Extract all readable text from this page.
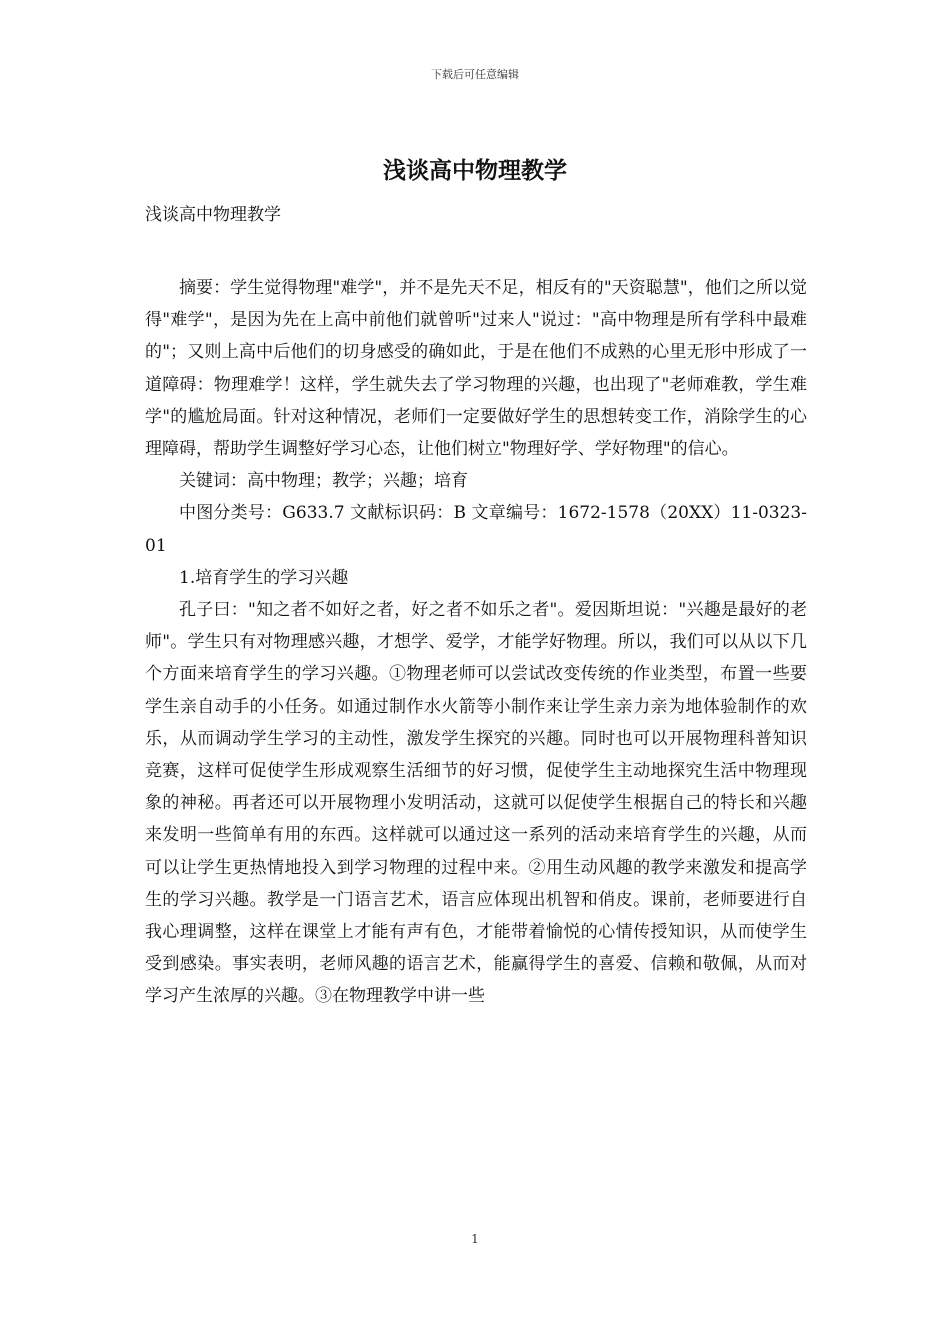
下载后可任意编辑
浅谈高中物理教学

浅谈高中物理教学

摘要：学生觉得物理"难学"，并不是先天不足，相反有的"天资聪慧"，他们之所以觉得"难学"，是因为先在上高中前他们就曾听"过来人"说过："高中物理是所有学科中最难的"；又则上高中后他们的切身感受的确如此，于是在他们不成熟的心里无形中形成了一道障碍：物理难学！这样，学生就失去了学习物理的兴趣，也出现了"老师难教，学生难学"的尴尬局面。针对这种情况，老师们一定要做好学生的思想转变工作，消除学生的心理障碍，帮助学生调整好学习心态，让他们树立"物理好学、学好物理"的信心。

关键词：高中物理；教学；兴趣；培育

中图分类号：G633.7 文献标识码：B 文章编号：1672-1578（20XX）11-0323-01

1.培育学生的学习兴趣

孔子曰："知之者不如好之者，好之者不如乐之者"。爱因斯坦说："兴趣是最好的老师"。学生只有对物理感兴趣，才想学、爱学，才能学好物理。所以，我们可以从以下几个方面来培育学生的学习兴趣。①物理老师可以尝试改变传统的作业类型，布置一些要学生亲自动手的小任务。如通过制作水火箭等小制作来让学生亲力亲为地体验制作的欢乐，从而调动学生学习的主动性，激发学生探究的兴趣。同时也可以开展物理科普知识竞赛，这样可促使学生形成观察生活细节的好习惯，促使学生主动地探究生活中物理现象的神秘。再者还可以开展物理小发明活动，这就可以促使学生根据自己的特长和兴趣来发明一些简单有用的东西。这样就可以通过这一系列的活动来培育学生的兴趣，从而可以让学生更热情地投入到学习物理的过程中来。②用生动风趣的教学来激发和提高学生的学习兴趣。教学是一门语言艺术，语言应体现出机智和俏皮。课前，老师要进行自我心理调整，这样在课堂上才能有声有色，才能带着愉悦的心情传授知识，从而使学生受到感染。事实表明，老师风趣的语言艺术，能赢得学生的喜爱、信赖和敬佩，从而对学习产生浓厚的兴趣。③在物理教学中讲一些

1
